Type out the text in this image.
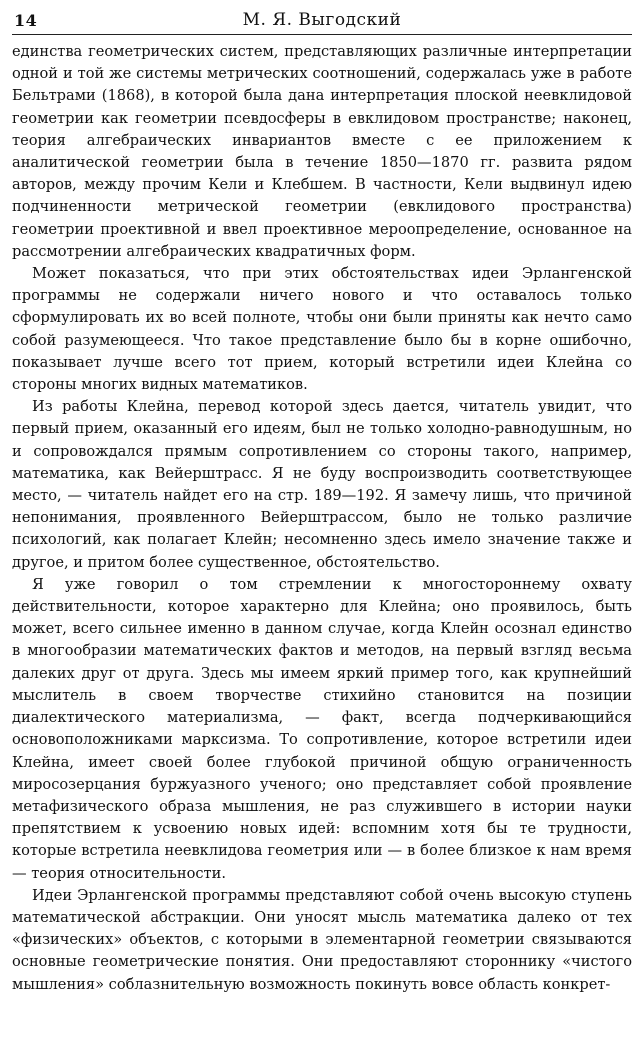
14	М. Я. Выгодский

единства геометрических систем, представляющих различные интерпретации одной и той же системы метрических соотношений, содержалась уже в работе Бельтрами (1868), в которой была дана интерпретация плоской неевклидовой геометрии как геометрии псевдосферы в евклидовом пространстве; наконец, теория алгебраических инвариантов вместе с ее приложением к аналитической геометрии была в течение 1850—1870 гг. развита рядом авторов, между прочим Кели и Клебшем. В частности, Кели выдвинул идею подчиненности метрической геометрии (евклидового пространства) геометрии проективной и ввел проективное мероопределение, основанное на рассмотрении алгебраических квадратичных форм.

Может показаться, что при этих обстоятельствах идеи Эрлангенской программы не содержали ничего нового и что оставалось только сформулировать их во всей полноте, чтобы они были приняты как нечто само собой разумеющееся. Что такое представление было бы в корне ошибочно, показывает лучше всего тот прием, который встретили идеи Клейна со стороны многих видных математиков.

Из работы Клейна, перевод которой здесь дается, читатель увидит, что первый прием, оказанный его идеям, был не только холодно-равнодушным, но и сопровождался прямым сопротивлением со стороны такого, например, математика, как Вейерштрасс. Я не буду воспроизводить соответствующее место, — читатель найдет его на стр. 189—192. Я замечу лишь, что причиной непонимания, проявленного Вейерштрассом, было не только различие психологий, как полагает Клейн; несомненно здесь имело значение также и другое, и притом более существенное, обстоятельство.

Я уже говорил о том стремлении к многостороннему охвату действительности, которое характерно для Клейна; оно проявилось, быть может, всего сильнее именно в данном случае, когда Клейн осознал единство в многообразии математических фактов и методов, на первый взгляд весьма далеких друг от друга. Здесь мы имеем яркий пример того, как крупнейший мыслитель в своем творчестве стихийно становится на позиции диалектического материализма, — факт, всегда подчеркивающийся основоположниками марксизма. То сопротивление, которое встретили идеи Клейна, имеет своей более глубокой причиной общую ограниченность миросозерцания буржуазного ученого; оно представляет собой проявление метафизического образа мышления, не раз служившего в истории науки препятствием к усвоению новых идей: вспомним хотя бы те трудности, которые встретила неевклидова геометрия или — в более близкое к нам время — теория относительности.

Идеи Эрлангенской программы представляют собой очень высокую ступень математической абстракции. Они уносят мысль математика далеко от тех «физических» объектов, с которыми в элементарной геометрии связываются основные геометрические понятия. Они предоставляют стороннику «чистого мышления» соблазнительную возможность покинуть вовсе область конкрет-
